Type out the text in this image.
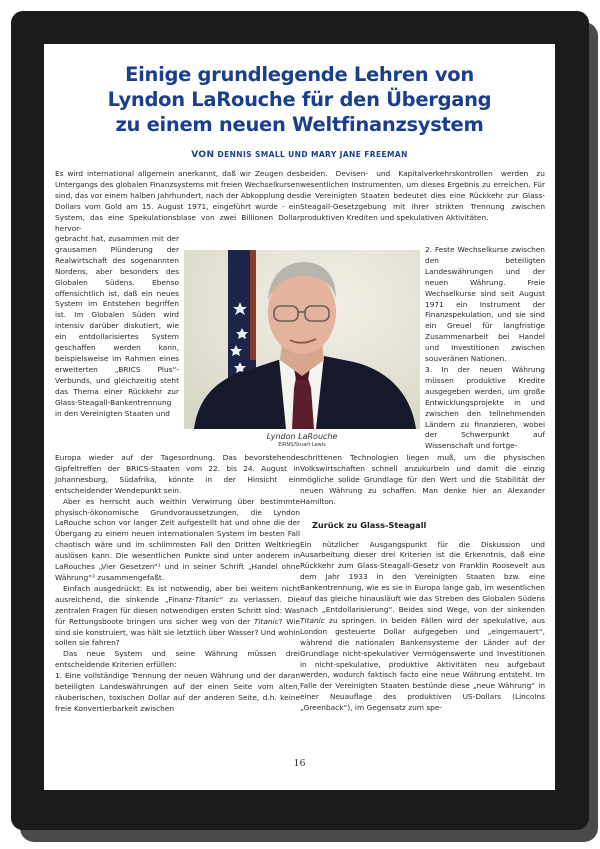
Einige grundlegende Lehren von
Lyndon LaRouche für den Übergang
zu einem neuen Weltfinanzsystem
VON DENNIS SMALL UND MARY JANE FREEMAN

Es wird international allgemein anerkannt, daß wir Zeugen des Untergangs des globalen Finanzsystems mit freien Wechselkursen sind, das vor einem halben Jahrhundert, nach der Abkopplung des Dollars vom Gold am 15. August 1971, eingeführt wurde - ein System, das eine Spekulationsblase von zwei Billionen Dollar hervor-

gebracht hat, zusammen mit der grausamen Plünderung der Realwirtschaft des sogenannten Nordens, aber besonders des Globalen Südens. Ebenso offensichtlich ist, daß ein neues System im Entstehen begriffen ist. Im Globalen Süden wird intensiv darüber diskutiert, wie ein entdollarisiertes System geschaffen werden kann, beispielsweise im Rahmen eines erweiterten „BRICS Plus“-Verbunds, und gleichzeitig steht das Thema einer Rückkehr zur Glass-Steagall-Bankentrennung in den Vereinigten Staaten und

Europa wieder auf der Tagesordnung. Das bevorstehende Gipfeltreffen der BRICS-Staaten vom 22. bis 24. August in Johannesburg, Südafrika, könnte in der Hinsicht ein entscheidender Wendepunkt sein.

Aber es herrscht auch weithin Verwirrung über bestimmte physisch-ökonomische Grundvoraussetzungen, die Lyndon LaRouche schon vor langer Zeit aufgestellt hat und ohne die der Übergang zu einem neuen internationalen System im besten Fall chaotisch wäre und im schlimmsten Fall den Dritten Weltkrieg auslösen kann. Die wesentlichen Punkte sind unter anderem in LaRouches „Vier Gesetzen“¹ und in seiner Schrift „Handel ohne Währung“² zusammengefaßt.

Einfach ausgedrückt: Es ist notwendig, aber bei weitem nicht ausreichend, die sinkende „Finanz-Titanic“ zu verlassen. Die zentralen Fragen für diesen notwendigen ersten Schritt sind: Was für Rettungsboote bringen uns sicher weg von der Titanic? Wie sind sie konstruiert, was hält sie letztlich über Wasser? Und wohin sollen sie fahren?

Das neue System und seine Währung müssen drei entscheidende Kriterien erfüllen:

1. Eine vollständige Trennung der neuen Währung und der daran beteiligten Landeswährungen auf der einen Seite vom alten, räuberischen, toxischen Dollar auf der anderen Seite, d.h. keine freie Konvertierbarkeit zwischen

beiden. Devisen- und Kapitalverkehrskontrollen werden zu wesentlichen Instrumenten, um dieses Ergebnis zu erreichen. Für die Vereinigten Staaten bedeutet dies eine Rückkehr zur Glass-Steagall-Gesetzgebung mit ihrer strikten Trennung zwischen produktiven Krediten und spekulativen Aktivitäten.

2. Feste Wechselkurse zwischen den beteiligten Landeswährungen und der neuen Währung. Freie Wechselkurse sind seit August 1971 ein Instrument der Finanzspekulation, und sie sind ein Greuel für langfristige Zusammenarbeit bei Handel und Investitionen zwischen souveränen Nationen.

3. In der neuen Währung müssen produktive Kredite ausgegeben werden, um große Entwicklungsprojekte in und zwischen den teilnehmenden Ländern zu finanzieren, wobei der Schwerpunkt auf Wissenschaft und fortge-

schrittenen Technologien liegen muß, um die physischen Volkswirtschaften schnell anzukurbeln und damit die einzig mögliche solide Grundlage für den Wert und die Stabilität der neuen Währung zu schaffen. Man denke hier an Alexander Hamilton.

Zurück zu Glass-Steagall

Ein nützlicher Ausgangspunkt für die Diskussion und Ausarbeitung dieser drei Kriterien ist die Erkenntnis, daß eine Rückkehr zum Glass-Steagall-Gesetz von Franklin Roosevelt aus dem Jahr 1933 in den Vereinigten Staaten bzw. eine Bankentrennung, wie es sie in Europa lange gab, im wesentlichen auf das gleiche hinausläuft wie das Streben des Globalen Südens nach „Entdollarisierung“. Beides sind Wege, von der sinkenden Titanic zu springen. In beiden Fällen wird der spekulative, aus London gesteuerte Dollar aufgegeben und „eingemauert“, während die nationalen Bankensysteme der Länder auf der Grundlage nicht-spekulativer Vermögenswerte und Investitionen in nicht-spekulative, produktive Aktivitäten neu aufgebaut werden, wodurch faktisch facto eine neue Währung entsteht. Im Falle der Vereinigten Staaten bestünde diese „neue Währung“ in einer Neuauflage des produktiven US-Dollars (Lincolns „Greenback“), im Gegensatz zum spe-

Lyndon LaRouche
EIRNS/Stuart Lewis
16
